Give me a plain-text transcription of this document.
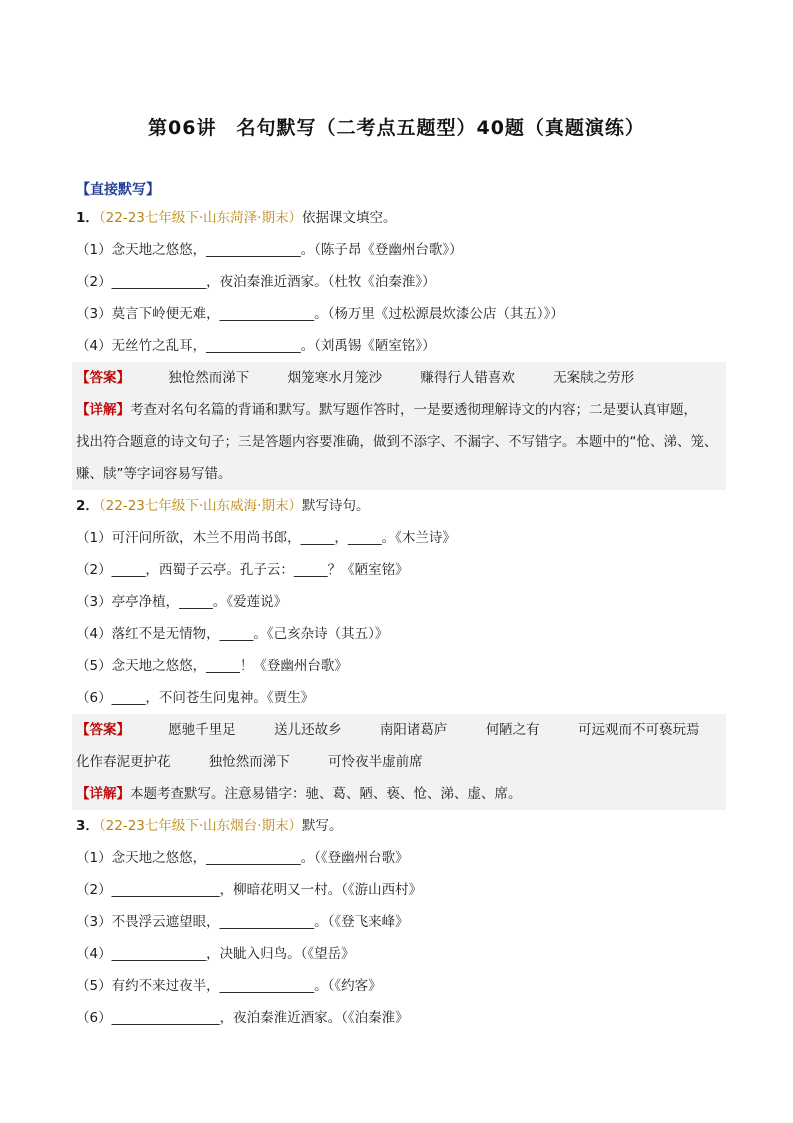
第06讲　名句默写（二考点五题型）40题（真题演练）
【直接默写】
1．（22-23七年级下·山东菏泽·期末）依据课文填空。
（1）念天地之悠悠，______________。（陈子昂《登幽州台歌》）
（2）______________，夜泊秦淮近酒家。（杜牧《泊秦淮》）
（3）莫言下岭便无难，______________。（杨万里《过松源晨炊漆公店（其五）》）
（4）无丝竹之乱耳，______________。（刘禹锡《陋室铭》）
【答案】	独怆然而涕下	烟笼寒水月笼沙	赚得行人错喜欢	无案牍之劳形
【详解】考查对名句名篇的背诵和默写。默写题作答时，一是要透彻理解诗文的内容；二是要认真审题，
找出符合题意的诗文句子；三是答题内容要准确，做到不添字、不漏字、不写错字。本题中的“怆、涕、笼、
赚、牍”等字词容易写错。
2．（22-23七年级下·山东威海·期末）默写诗句。
（1）可汗问所欲，木兰不用尚书郎，_____，_____。《木兰诗》
（2）_____，西蜀子云亭。孔子云：_____？《陋室铭》
（3）亭亭净植，_____。《爱莲说》
（4）落红不是无情物，_____。《己亥杂诗（其五）》
（5）念天地之悠悠，_____！《登幽州台歌》
（6）_____，不问苍生问鬼神。《贾生》
【答案】	愿驰千里足	送儿还故乡	南阳诸葛庐	何陋之有	可远观而不可亵玩焉
化作春泥更护花	独怆然而涕下	可怜夜半虚前席
【详解】本题考查默写。注意易错字：驰、葛、陋、亵、怆、涕、虚、席。
3．（22-23七年级下·山东烟台·期末）默写。
（1）念天地之悠悠，______________。（《登幽州台歌》
（2）________________，柳暗花明又一村。（《游山西村》
（3）不畏浮云遮望眼，______________。（《登飞来峰》
（4）______________，决眦入归鸟。（《望岳》
（5）有约不来过夜半，______________。（《约客》
（6）________________，夜泊秦淮近酒家。（《泊秦淮》
